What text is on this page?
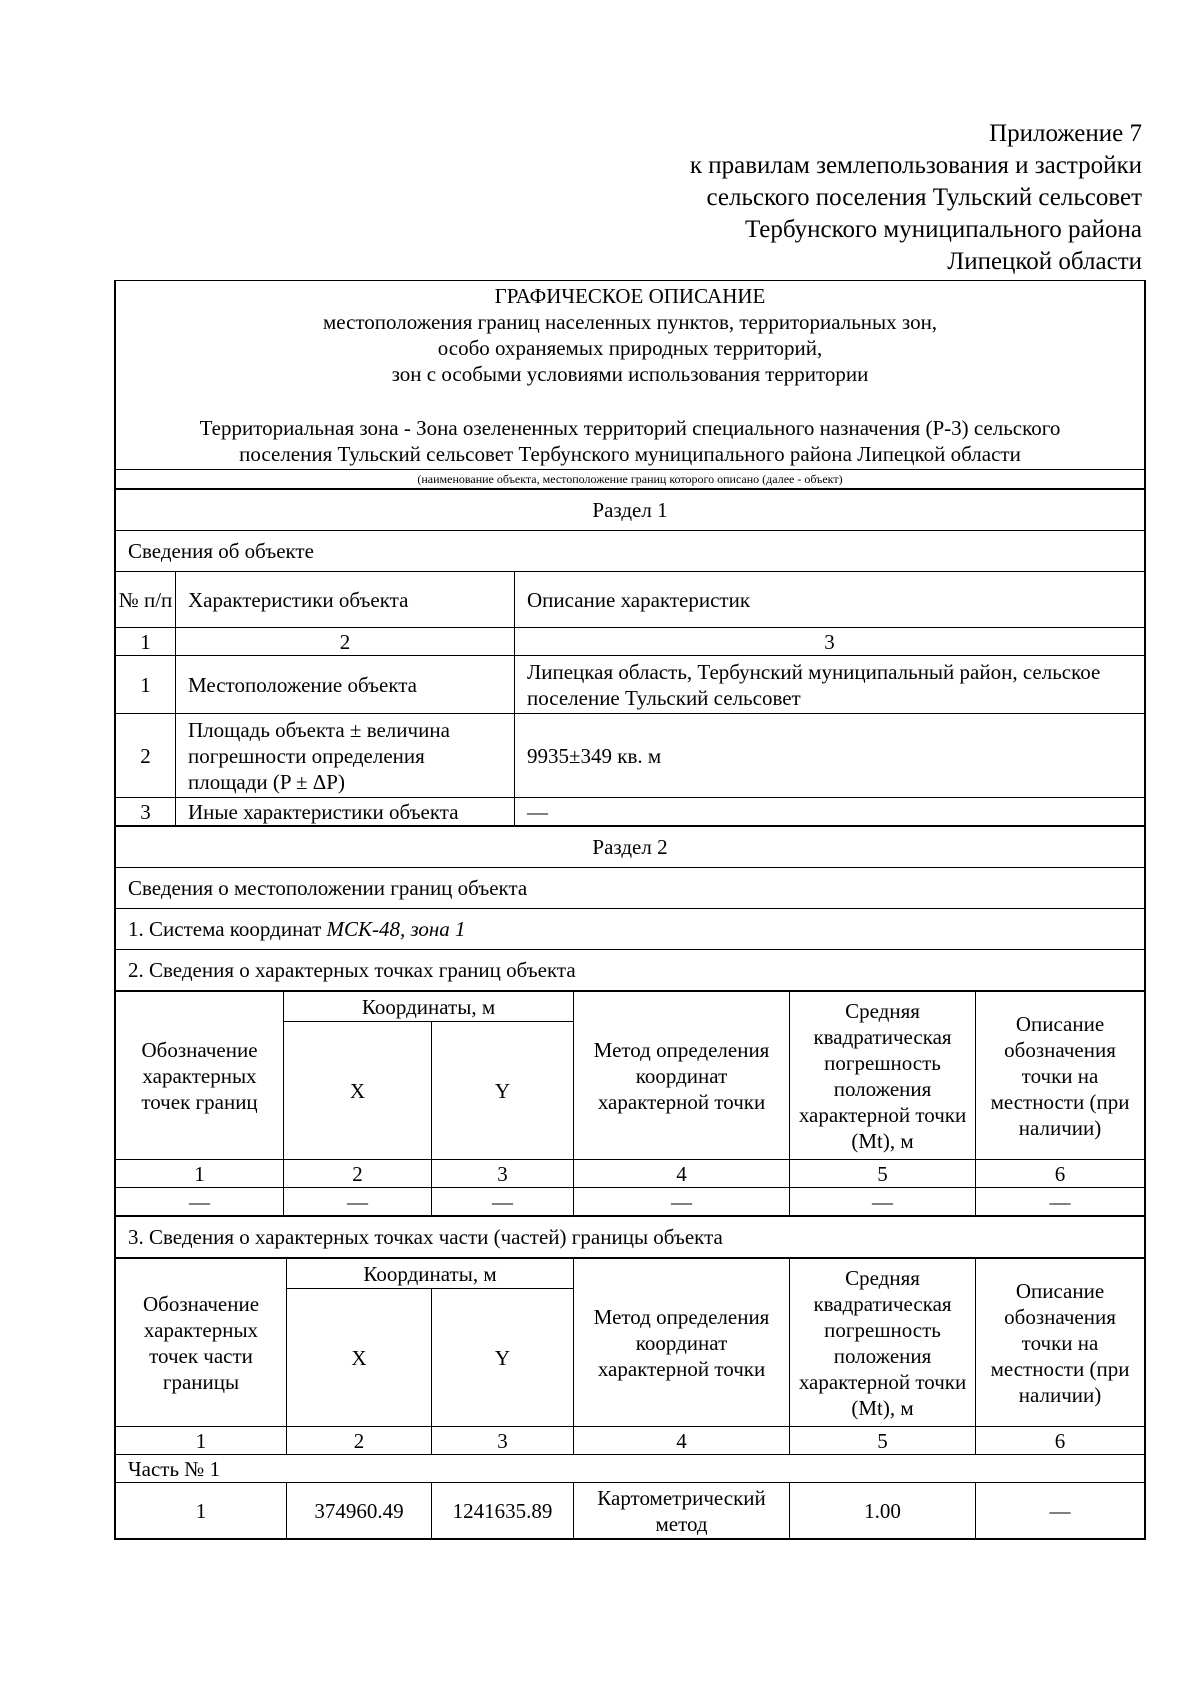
Приложение 7
к правилам землепользования и застройки
сельского поселения Тульский сельсовет
Тербунского муниципального района
Липецкой области
ГРАФИЧЕСКОЕ ОПИСАНИЕ
местоположения границ населенных пунктов, территориальных зон,
особо охраняемых природных территорий,
зон с особыми условиями использования территории
Территориальная зона - Зона озелененных территорий специального назначения (Р-3) сельского
поселения Тульский сельсовет Тербунского муниципального района Липецкой области

(наименование объекта, местоположение границ которого описано (далее - объект)
Раздел 1		
Сведения об объекте		
№ п/п	Характеристики объекта	Описание характеристик
1	2	3
1	Местоположение объекта	Липецкая область, Тербунский муниципальный район, сельское поселение Тульский сельсовет
2	Площадь объекта ± величина погрешности определения площади (P ± ΔP)	9935±349 кв. м
3	Иные характеристики объекта	—
Раздел 2
Сведения о местоположении границ объекта
1. Система координат МСК-48, зона 1
2. Сведения о характерных точках границ объекта
Обозначение характерных точек границ	Координаты, м		Метод определения координат характерной точки	Средняя квадратическая погрешность положения характерной точки (Mt), м	Описание обозначения точки на местности (при наличии)
	X	Y			
1	2	3	4	5	6
—	—	—	—	—	—
3. Сведения о характерных точках части (частей) границы объекта
Обозначение характерных точек части границы	Координаты, м		Метод определения координат характерной точки	Средняя квадратическая погрешность положения характерной точки (Mt), м	Описание обозначения точки на местности (при наличии)
	X	Y			
1	2	3	4	5	6
Часть № 1					
1	374960.49	1241635.89	Картометрический метод	1.00	—
